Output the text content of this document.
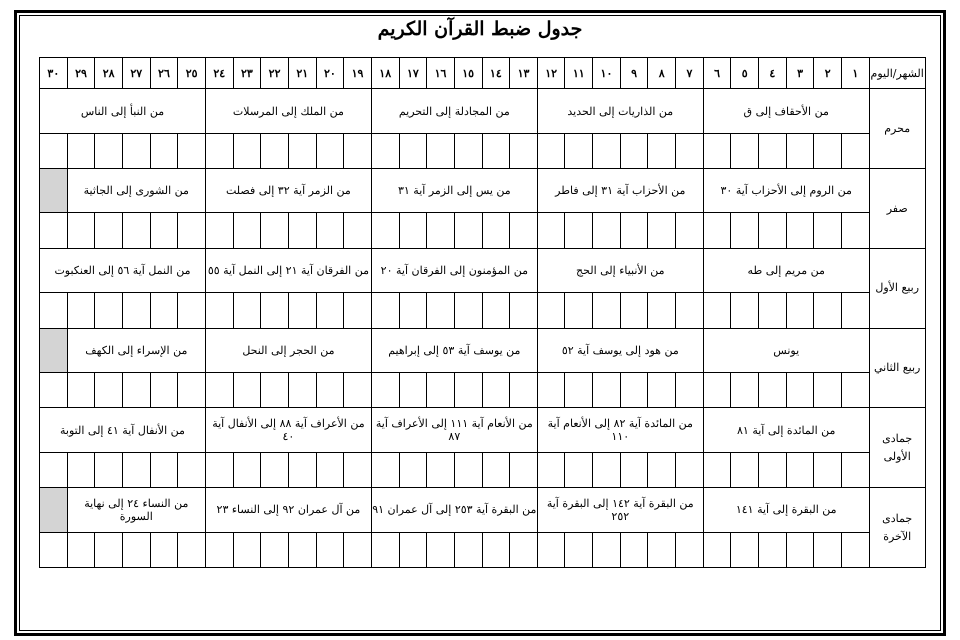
جدول ضبط القرآن الكريم
الشهر/اليوم	١	٢	٣	٤	٥	٦	٧	٨	٩	١٠	١١	١٢	١٣	١٤	١٥	١٦	١٧	١٨	١٩	٢٠	٢١	٢٢	٢٣	٢٤	٢٥	٢٦	٢٧	٢٨	٢٩	٣٠
محرم	من الأحقاف إلى ق						من الذاريات إلى الحديد						من المجادلة إلى التحريم						من الملك إلى المرسلات						من النبأ إلى الناس					

صفر	من الروم إلى الأحزاب آية ٣٠						من الأحزاب آية ٣١ إلى فاطر						من يس إلى الزمر آية ٣١						من الزمر آية ٣٢ إلى فصلت						من الشورى إلى الجاثية					

ربيع الأول	من مريم إلى طه						من الأنبياء إلى الحج						من المؤمنون إلى الفرقان آية ٢٠						من الفرقان آية ٢١ إلى النمل آية ٥٥						من النمل آية ٥٦ إلى العنكبوت					

ربيع الثاني	يونس						من هود إلى يوسف آية ٥٢						من يوسف آية ٥٣ إلى إبراهيم						من الحجر إلى النحل						من الإسراء إلى الكهف					

جمادى الأولى	من المائدة إلى آية ٨١						من المائدة آية ٨٢ إلى الأنعام آية ١١٠						من الأنعام آية ١١١ إلى الأعراف آية ٨٧						من الأعراف آية ٨٨ إلى الأنفال آية ٤٠						من الأنفال آية ٤١ إلى التوبة					

جمادى الآخرة	من البقرة إلى آية ١٤١						من البقرة آية ١٤٢ إلى البقرة آية ٢٥٢						من البقرة آية ٢٥٣ إلى آل عمران ٩١						من آل عمران ٩٢ إلى النساء ٢٣						من النساء ٢٤ إلى نهاية السورة					
